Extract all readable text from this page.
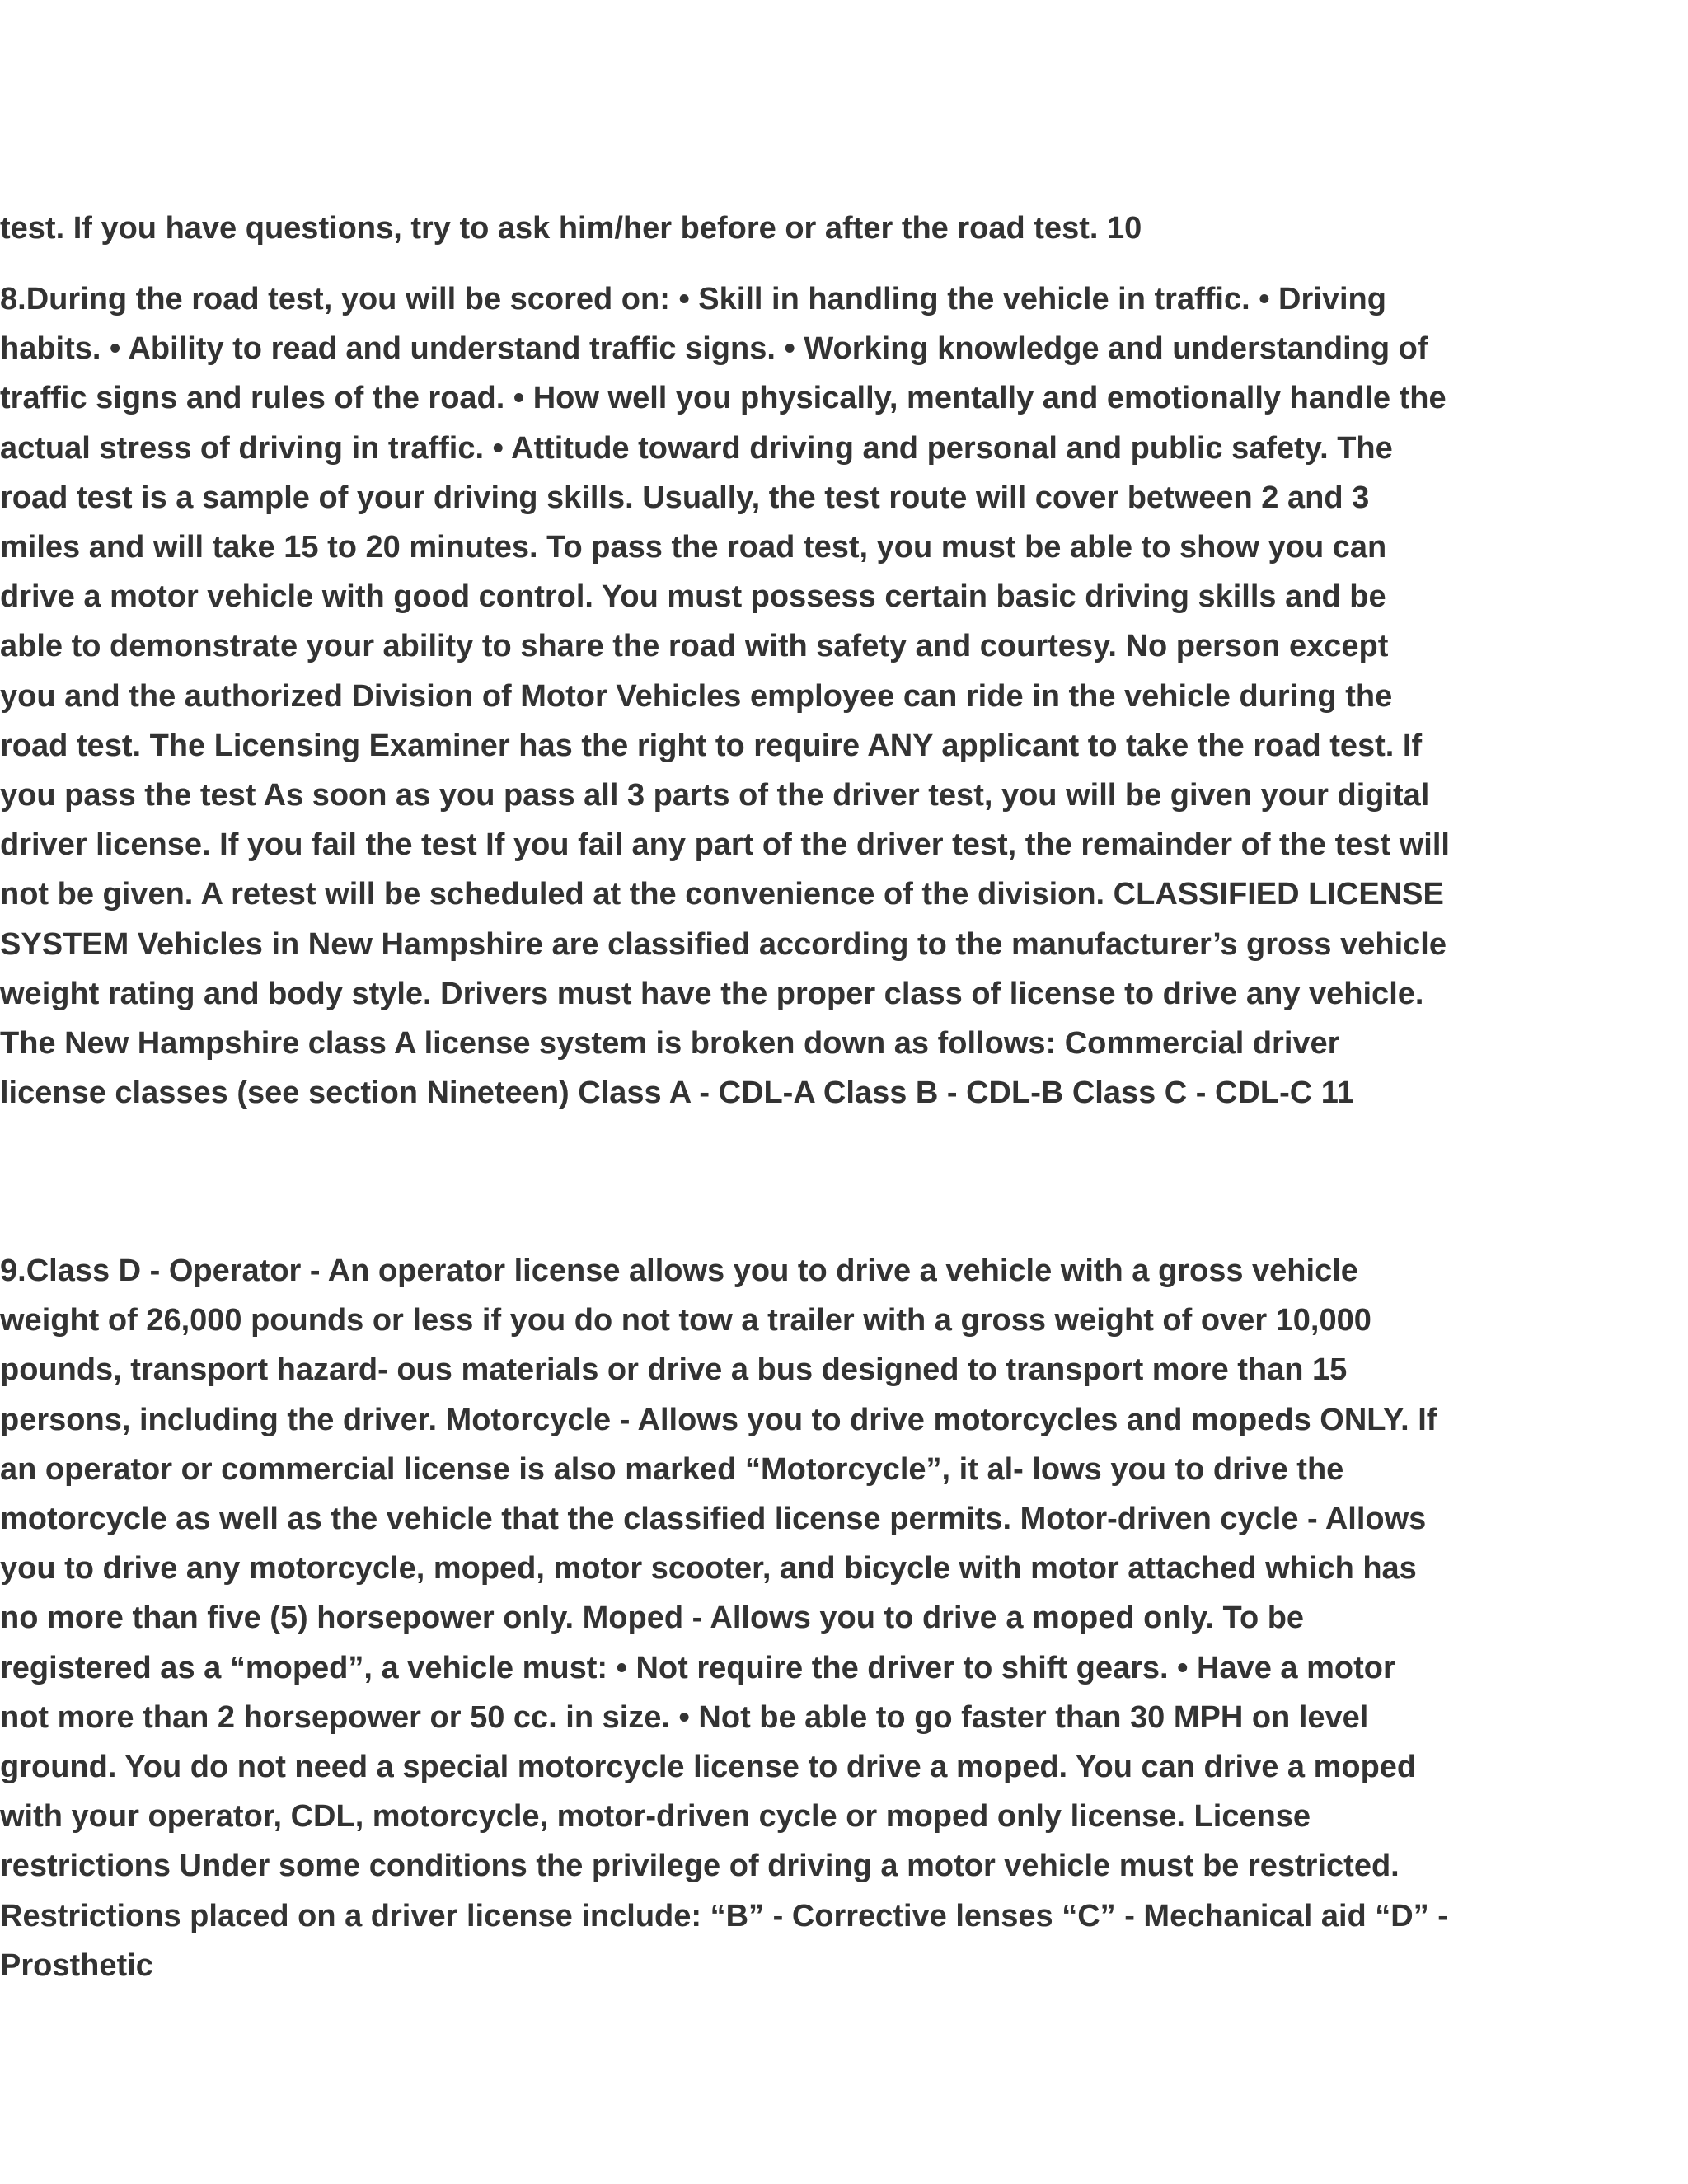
test. If you have questions, try to ask him/her before or after the road test. 10

8.During the road test, you will be scored on: • Skill in handling the vehicle in traffic. • Driving habits. • Ability to read and understand traffic signs. • Working knowledge and understanding of traffic signs and rules of the road. • How well you physically, mentally and emotionally handle the actual stress of driving in traffic. • Attitude toward driving and personal and public safety. The road test is a sample of your driving skills. Usually, the test route will cover between 2 and 3 miles and will take 15 to 20 minutes. To pass the road test, you must be able to show you can drive a motor vehicle with good control. You must possess certain basic driving skills and be able to demonstrate your ability to share the road with safety and courtesy. No person except you and the authorized Division of Motor Vehicles employee can ride in the vehicle during the road test. The Licensing Examiner has the right to require ANY applicant to take the road test. If you pass the test As soon as you pass all 3 parts of the driver test, you will be given your digital driver license. If you fail the test If you fail any part of the driver test, the remainder of the test will not be given. A retest will be scheduled at the convenience of the division. CLASSIFIED LICENSE SYSTEM Vehicles in New Hampshire are classified according to the manufacturer’s gross vehicle weight rating and body style. Drivers must have the proper class of license to drive any vehicle. The New Hampshire class A license system is broken down as follows: Commercial driver license classes (see section Nineteen) Class A - CDL-A Class B - CDL-B Class C - CDL-C 11

9.Class D - Operator - An operator license allows you to drive a vehicle with a gross vehicle weight of 26,000 pounds or less if you do not tow a trailer with a gross weight of over 10,000 pounds, transport hazard- ous materials or drive a bus designed to transport more than 15 persons, including the driver. Motorcycle - Allows you to drive motorcycles and mopeds ONLY. If an operator or commercial license is also marked “Motorcycle”, it al- lows you to drive the motorcycle as well as the vehicle that the classified license permits. Motor-driven cycle - Allows you to drive any motorcycle, moped, motor scooter, and bicycle with motor attached which has no more than five (5) horsepower only. Moped - Allows you to drive a moped only. To be registered as a “moped”, a vehicle must: • Not require the driver to shift gears. • Have a motor not more than 2 horsepower or 50 cc. in size. • Not be able to go faster than 30 MPH on level ground. You do not need a special motorcycle license to drive a moped. You can drive a moped with your operator, CDL, motorcycle, motor-driven cycle or moped only license. License restrictions Under some conditions the privilege of driving a motor vehicle must be restricted. Restrictions placed on a driver license include: “B” - Corrective lenses “C” - Mechanical aid “D” - Prosthetic
